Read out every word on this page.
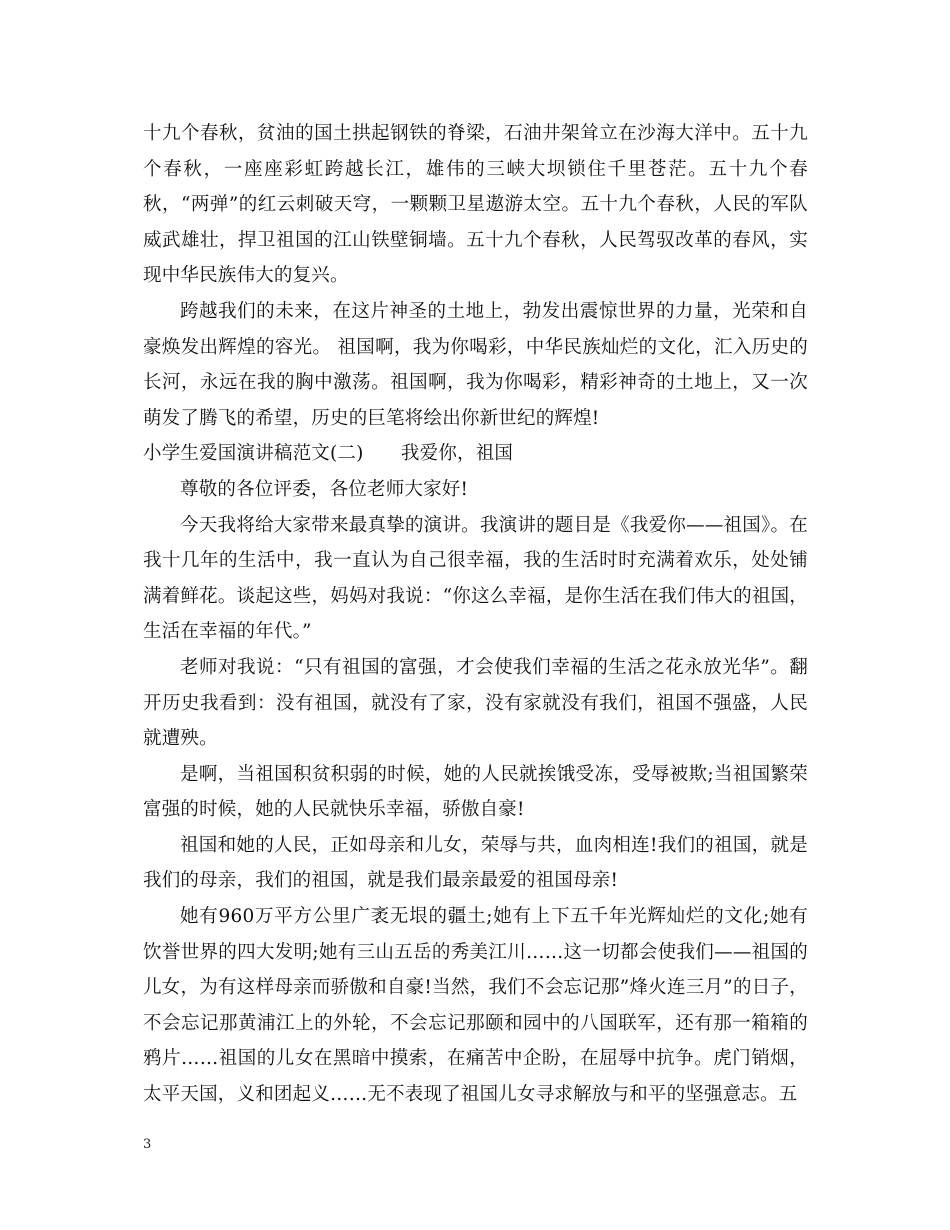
十九个春秋，贫油的国土拱起钢铁的脊梁，石油井架耸立在沙海大洋中。五十九个春秋，一座座彩虹跨越长江，雄伟的三峡大坝锁住千里苍茫。五十九个春秋，“两弹”的红云刺破天穹，一颗颗卫星遨游太空。五十九个春秋，人民的军队威武雄壮，捍卫祖国的江山铁壁铜墙。五十九个春秋，人民驾驭改革的春风，实现中华民族伟大的复兴。

跨越我们的未来，在这片神圣的土地上，勃发出震惊世界的力量，光荣和自豪焕发出辉煌的容光。 祖国啊，我为你喝彩，中华民族灿烂的文化，汇入历史的长河，永远在我的胸中激荡。祖国啊，我为你喝彩，精彩神奇的土地上，又一次萌发了腾飞的希望，历史的巨笔将绘出你新世纪的辉煌!

小学生爱国演讲稿范文(二)　　我爱你，祖国

尊敬的各位评委，各位老师大家好!

今天我将给大家带来最真挚的演讲。我演讲的题目是《我爱你——祖国》。在我十几年的生活中，我一直认为自己很幸福，我的生活时时充满着欢乐，处处铺满着鲜花。谈起这些，妈妈对我说：“你这么幸福，是你生活在我们伟大的祖国，生活在幸福的年代。”

老师对我说：“只有祖国的富强，才会使我们幸福的生活之花永放光华”。翻开历史我看到：没有祖国，就没有了家，没有家就没有我们，祖国不强盛，人民就遭殃。

是啊，当祖国积贫积弱的时候，她的人民就挨饿受冻，受辱被欺;当祖国繁荣富强的时候，她的人民就快乐幸福，骄傲自豪!

祖国和她的人民，正如母亲和儿女，荣辱与共，血肉相连!我们的祖国，就是我们的母亲，我们的祖国，就是我们最亲最爱的祖国母亲!

她有960万平方公里广袤无垠的疆土;她有上下五千年光辉灿烂的文化;她有饮誉世界的四大发明;她有三山五岳的秀美江川……这一切都会使我们——祖国的儿女，为有这样母亲而骄傲和自豪!当然，我们不会忘记那”烽火连三月”的日子，不会忘记那黄浦江上的外轮，不会忘记那颐和园中的八国联军，还有那一箱箱的鸦片……祖国的儿女在黑暗中摸索，在痛苦中企盼，在屈辱中抗争。虎门销烟，太平天国，义和团起义……无不表现了祖国儿女寻求解放与和平的坚强意志。五

3
